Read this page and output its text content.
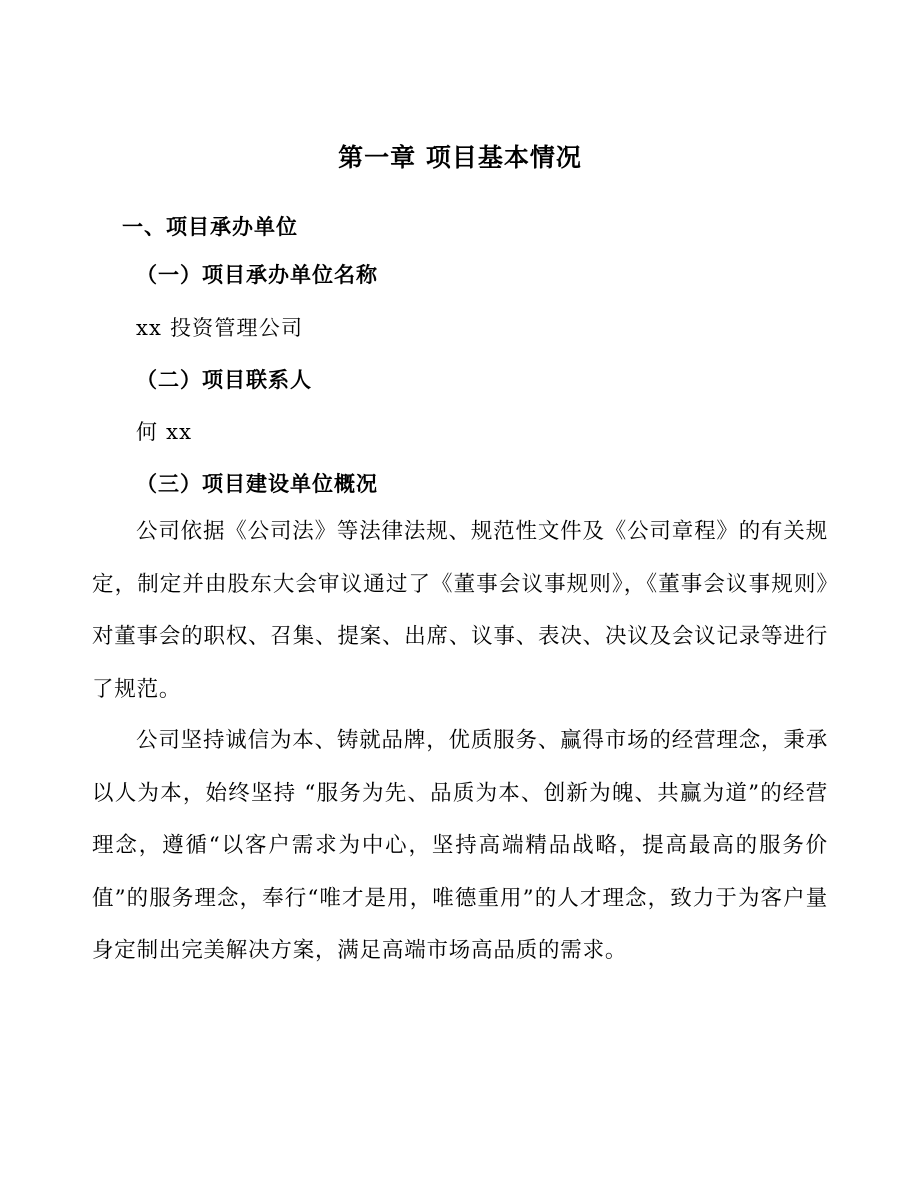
第一章 项目基本情况
一、项目承办单位
（一）项目承办单位名称

xx 投资管理公司

（二）项目联系人

何 xx

（三）项目建设单位概况

公司依据《公司法》等法律法规、规范性文件及《公司章程》的有关规定，制定并由股东大会审议通过了《董事会议事规则》，《董事会议事规则》对董事会的职权、召集、提案、出席、议事、表决、决议及会议记录等进行了规范。

公司坚持诚信为本、铸就品牌，优质服务、赢得市场的经营理念，秉承以人为本，始终坚持 “服务为先、品质为本、创新为魄、共赢为道”的经营理念，遵循“以客户需求为中心，坚持高端精品战略，提高最高的服务价值”的服务理念，奉行“唯才是用，唯德重用”的人才理念，致力于为客户量身定制出完美解决方案，满足高端市场高品质的需求。
